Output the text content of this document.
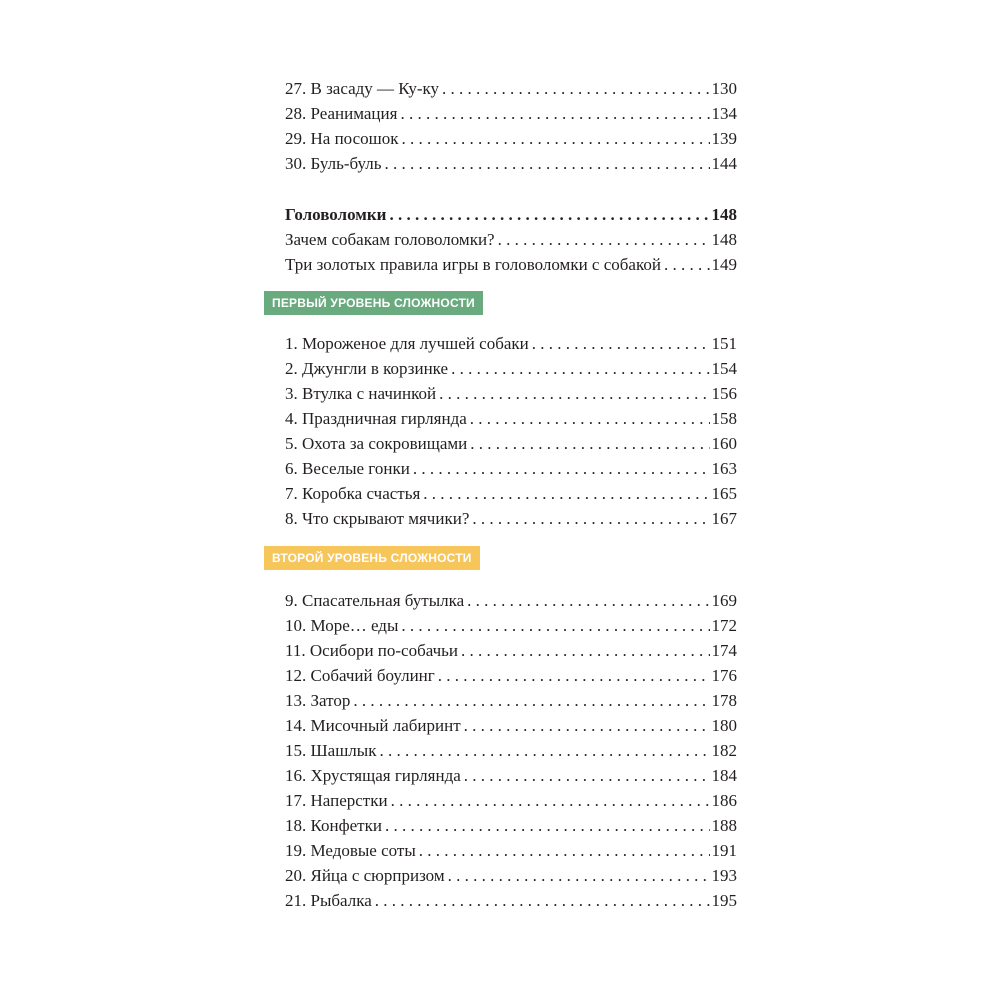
27. В засаду — Ку-ку . . .	130
28. Реанимация . . .	134
29. На посошок . . .	139
30. Буль-буль . . .	144
Головоломки . . .	148
Зачем собакам головоломки? . . .	148
Три золотых правила игры в головоломки с собакой . . .	149
ПЕРВЫЙ УРОВЕНЬ СЛОЖНОСТИ
1. Мороженое для лучшей собаки . . .	151
2. Джунгли в корзинке . . .	154
3. Втулка с начинкой . . .	156
4. Праздничная гирлянда . . .	158
5. Охота за сокровищами . . .	160
6. Веселые гонки . . .	163
7. Коробка счастья . . .	165
8. Что скрывают мячики? . . .	167
ВТОРОЙ УРОВЕНЬ СЛОЖНОСТИ
9. Спасательная бутылка . . .	169
10. Море… еды . . .	172
11. Осибори по-собачьи . . .	174
12. Собачий боулинг . . .	176
13. Затор . . .	178
14. Мисочный лабиринт . . .	180
15. Шашлык . . .	182
16. Хрустящая гирлянда . . .	184
17. Наперстки . . .	186
18. Конфетки . . .	188
19. Медовые соты . . .	191
20. Яйца с сюрпризом . . .	193
21. Рыбалка . . .	195
